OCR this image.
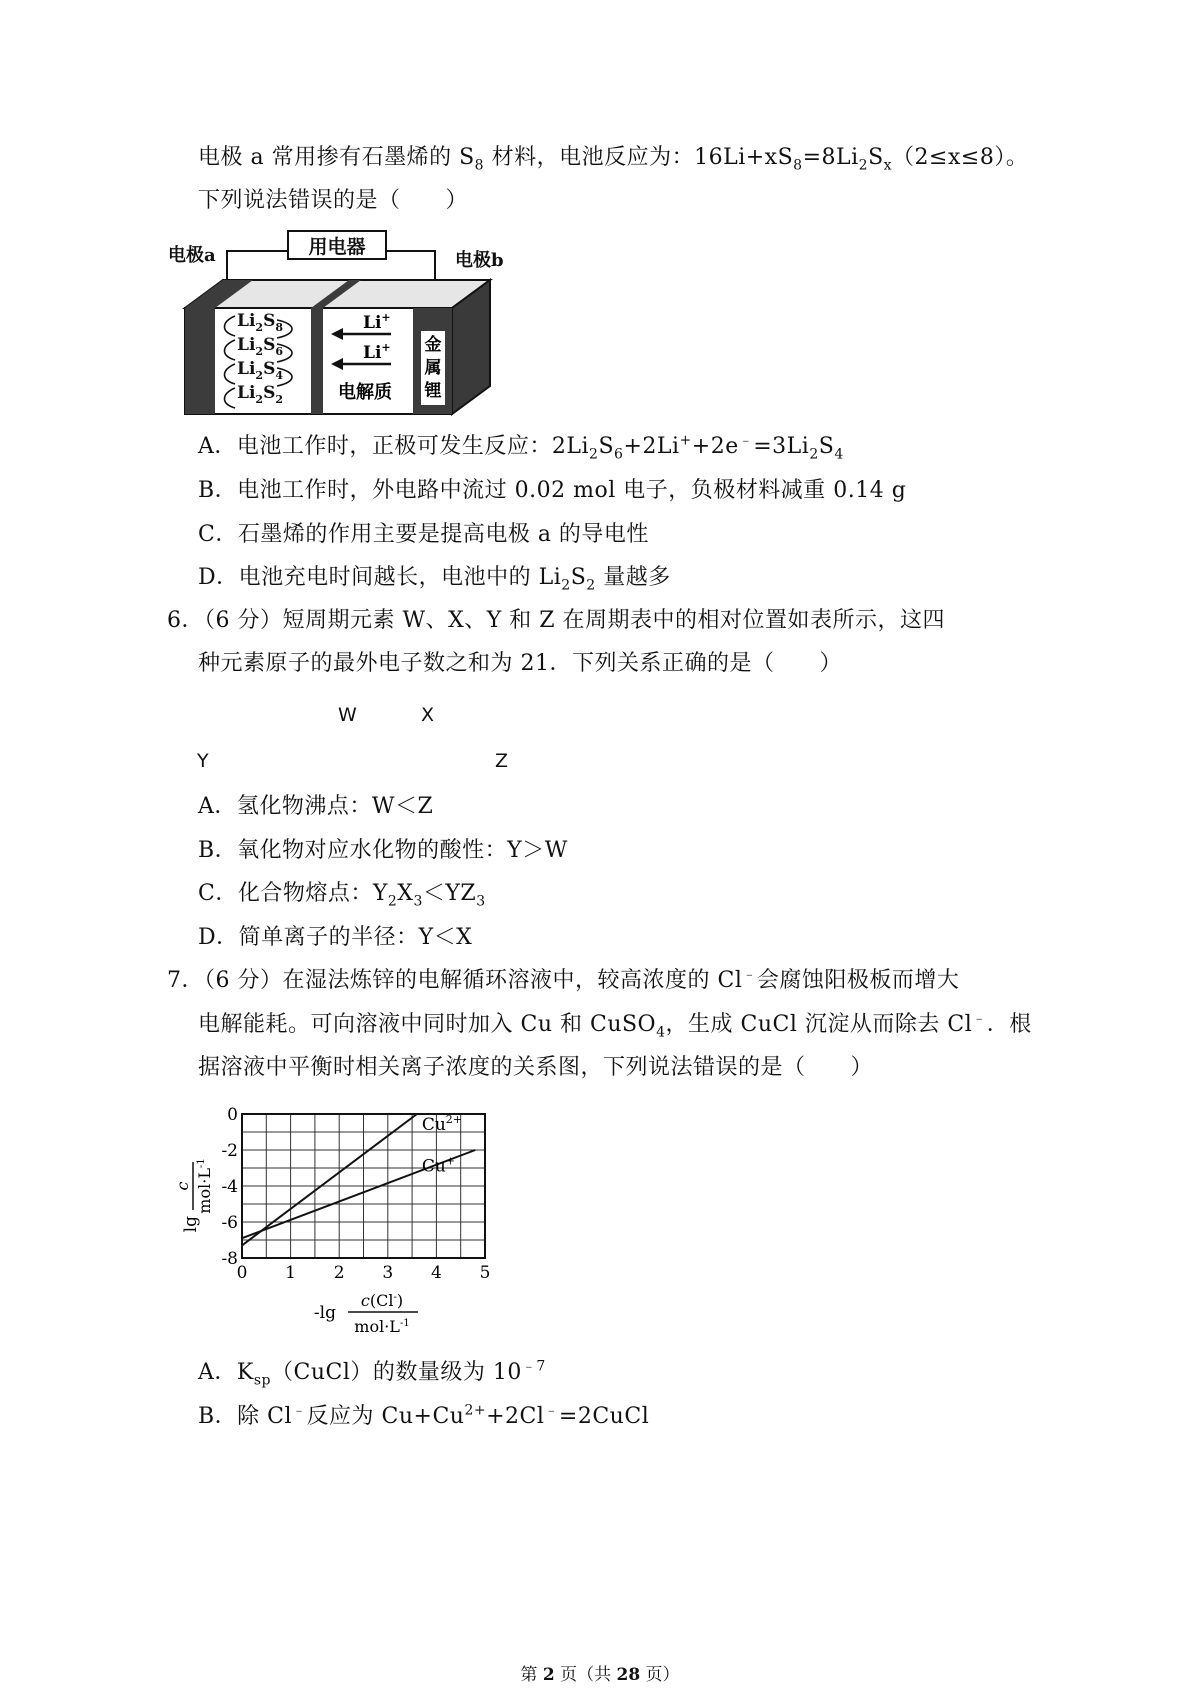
电极 a 常用掺有石墨烯的 $S_8$ 材料，电池反应为：$16Li+xS_8=8Li_2S_x(2\le x\le 8)$。
下列说法错误的是（　　）
用电器
电极a	电极b
金
属
锂
$Li_2S_8$
$Li_2S_6$
$Li_2S_4$
$Li_2S_2$
Li+
Li+
电解质
A．电池工作时，正极可发生反应：$2Li_2S_6+2Li^++2e^﹣=3Li_2S_4$
B．电池工作时，外电路中流过 0.02 mol 电子，负极材料减重 0.14 g
C．石墨烯的作用主要是提高电极 a 的导电性
D．电池充电时间越长，电池中的 $Li_2S_2$ 量越多
6．（6 分）短周期元素 W、X、Y 和 Z 在周期表中的相对位置如表所示，这四
种元素原子的最外电子数之和为 21．下列关系正确的是（　　）
W	X
Y	Z
A．氢化物沸点：W＜Z
B．氧化物对应水化物的酸性：Y＞W
C．化合物熔点：$Y_2X_3<YZ_3$
D．简单离子的半径：Y＜X
7．（6 分）在湿法炼锌的电解循环溶液中，较高浓度的 Cl﹣会腐蚀阳极板而增大
电解能耗。可向溶液中同时加入 Cu 和 CuSO$_4$，生成 CuCl 沉淀从而除去 Cl﹣．根
据溶液中平衡时相关离子浓度的关系图，下列说法错误的是（　　）
$Cu^{2+}$
Cu+
0 1 2 3 4 5
0
-2
-4
-6
-8
-lg
c(Cl-)
$mol\cdot L^{-1}$
lg
c $mol\cdot L^{-1}$
A．$K_{sp}(CuCl)$的数量级为 $10^{﹣7}$
B．除 Cl﹣反应为 $Cu+Cu^{2+}+2Cl^﹣=2CuCl$
第 2 页（共 28 页）
